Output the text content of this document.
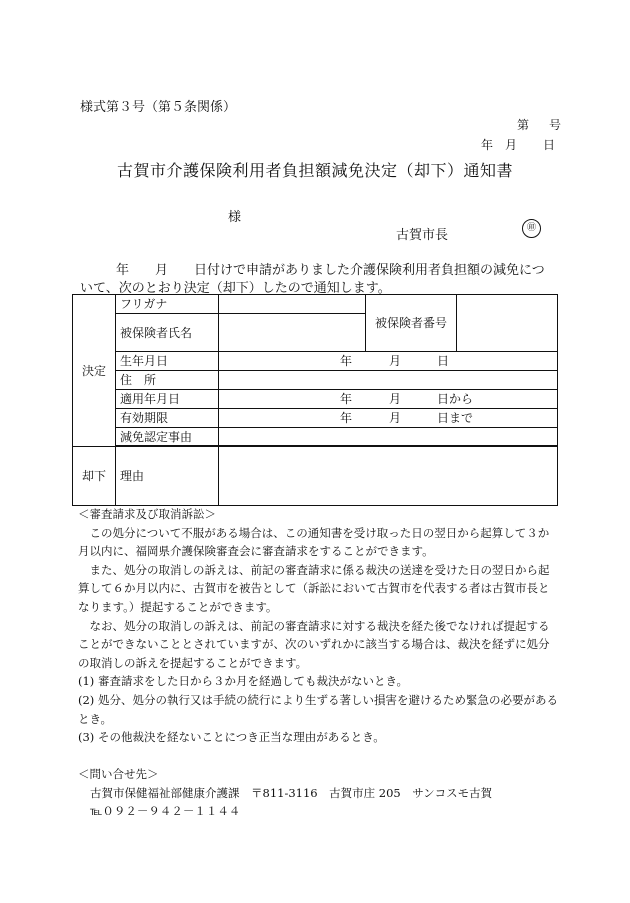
様式第３号（第５条関係）
第 号
年 月 日
古賀市介護保険利用者負担額減免決定（却下）通知書
様
古賀市長	㊞
年　　月　　日付けで申請がありました介護保険利用者負担額の減免につ
いて、次のとおり決定（却下）したので通知します。
決定	フリガナ		被保険者番号	
	被保険者氏名			
	生年月日	年 月 日		

	住　所			
	適用年月日	年 月 日から		

	有効期限	年 月 日まで		

	減免認定事由			

却下	理由			

＜審査請求及び取消訴訟＞

この処分について不服がある場合は、この通知書を受け取った日の翌日から起算して３か月以内に、福岡県介護保険審査会に審査請求をすることができます。

また、処分の取消しの訴えは、前記の審査請求に係る裁決の送達を受けた日の翌日から起算して６か月以内に、古賀市を被告として（訴訟において古賀市を代表する者は古賀市長となります。）提起することができます。

なお、処分の取消しの訴えは、前記の審査請求に対する裁決を経た後でなければ提起することができないこととされていますが、次のいずれかに該当する場合は、裁決を経ずに処分の取消しの訴えを提起することができます。

(1) 審査請求をした日から３か月を経過しても裁決がないとき。

(2) 処分、処分の執行又は手続の続行により生ずる著しい損害を避けるため緊急の必要があるとき。

(3) その他裁決を経ないことにつき正当な理由があるとき。

＜問い合せ先＞
古賀市保健福祉部健康介護課　〒811-3116　古賀市庄 205　サンコスモ古賀
℡０９２－９４２－１１４４
